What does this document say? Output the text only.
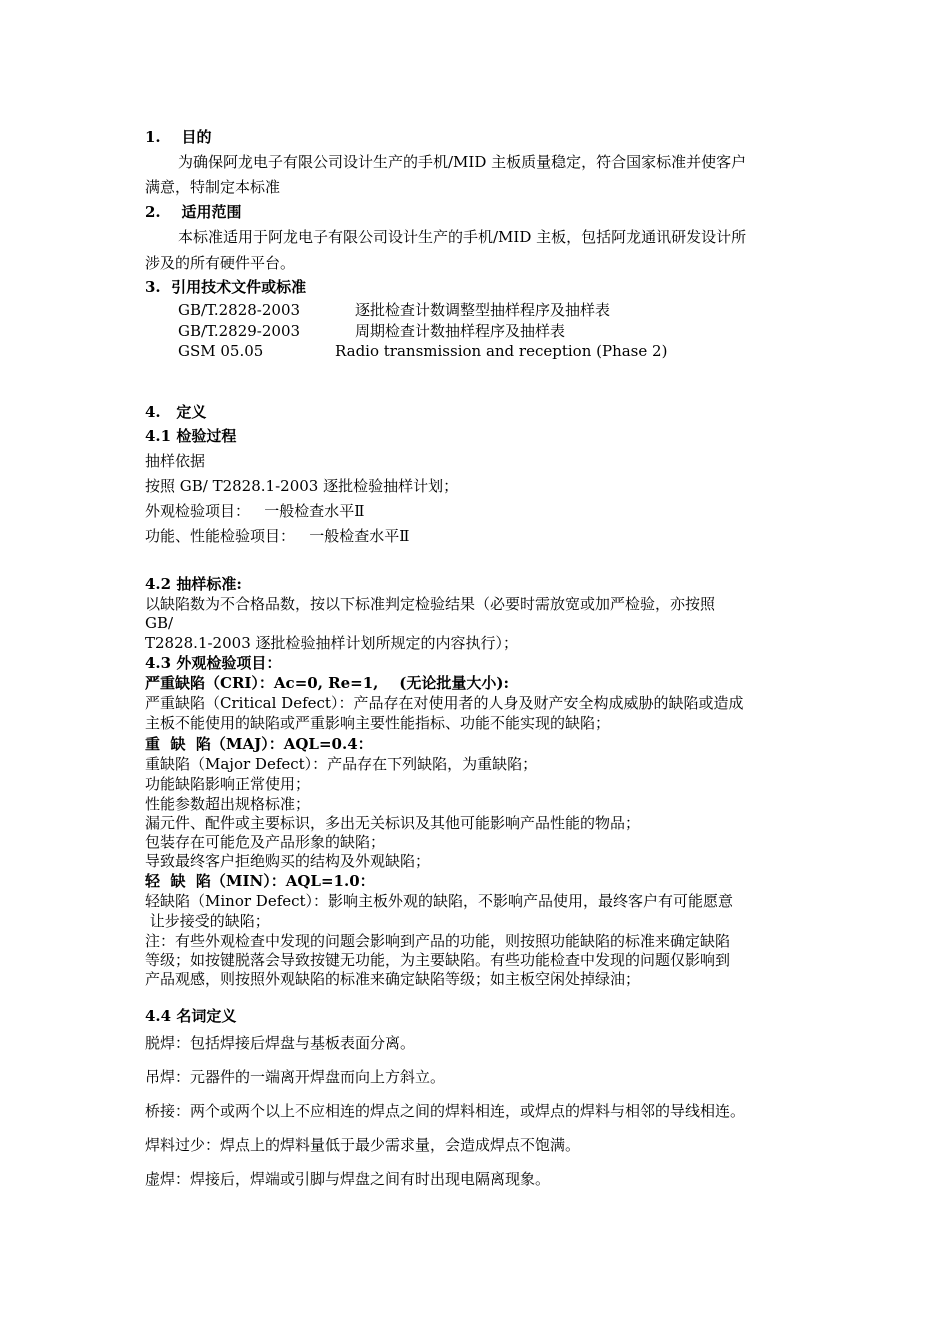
1.    目的
为确保阿龙电子有限公司设计生产的手机/MID 主板质量稳定，符合国家标准并使客户
满意，特制定本标准
2.    适用范围
本标准适用于阿龙电子有限公司设计生产的手机/MID 主板，包括阿龙通讯研发设计所
涉及的所有硬件平台。
3.  引用技术文件或标准
GB/T.2828-2003	逐批检查计数调整型抽样程序及抽样表
GB/T.2829-2003	周期检查计数抽样程序及抽样表
GSM 05.05	Radio transmission and reception (Phase 2)
4.   定义
4.1 检验过程
抽样依据
按照 GB/ T2828.1-2003 逐批检验抽样计划；
外观检验项目：   一般检查水平Ⅱ
功能、性能检验项目：   一般检查水平Ⅱ
4.2 抽样标准:
以缺陷数为不合格品数，按以下标准判定检验结果（必要时需放宽或加严检验，亦按照
GB/
T2828.1-2003 逐批检验抽样计划所规定的内容执行）；
4.3 外观检验项目：
严重缺陷（CRI）：Ac=0, Re=1,    (无论批量大小):
严重缺陷（Critical Defect）：产品存在对使用者的人身及财产安全构成威胁的缺陷或造成
主板不能使用的缺陷或严重影响主要性能指标、功能不能实现的缺陷；
重  缺  陷（MAJ）：AQL=0.4：
重缺陷（Major Defect）：产品存在下列缺陷，为重缺陷；
功能缺陷影响正常使用；
性能参数超出规格标准；
漏元件、配件或主要标识，多出无关标识及其他可能影响产品性能的物品；
包装存在可能危及产品形象的缺陷；
导致最终客户拒绝购买的结构及外观缺陷；
轻  缺  陷（MIN）：AQL=1.0：
轻缺陷（Minor Defect）：影响主板外观的缺陷，不影响产品使用，最终客户有可能愿意
让步接受的缺陷；
注：有些外观检查中发现的问题会影响到产品的功能，则按照功能缺陷的标准来确定缺陷
等级；如按键脱落会导致按键无功能，为主要缺陷。有些功能检查中发现的问题仅影响到
产品观感，则按照外观缺陷的标准来确定缺陷等级；如主板空闲处掉绿油；
4.4 名词定义
脱焊：包括焊接后焊盘与基板表面分离。
吊焊：元器件的一端离开焊盘而向上方斜立。
桥接：两个或两个以上不应相连的焊点之间的焊料相连，或焊点的焊料与相邻的导线相连。
焊料过少：焊点上的焊料量低于最少需求量，会造成焊点不饱满。
虚焊：焊接后，焊端或引脚与焊盘之间有时出现电隔离现象。
